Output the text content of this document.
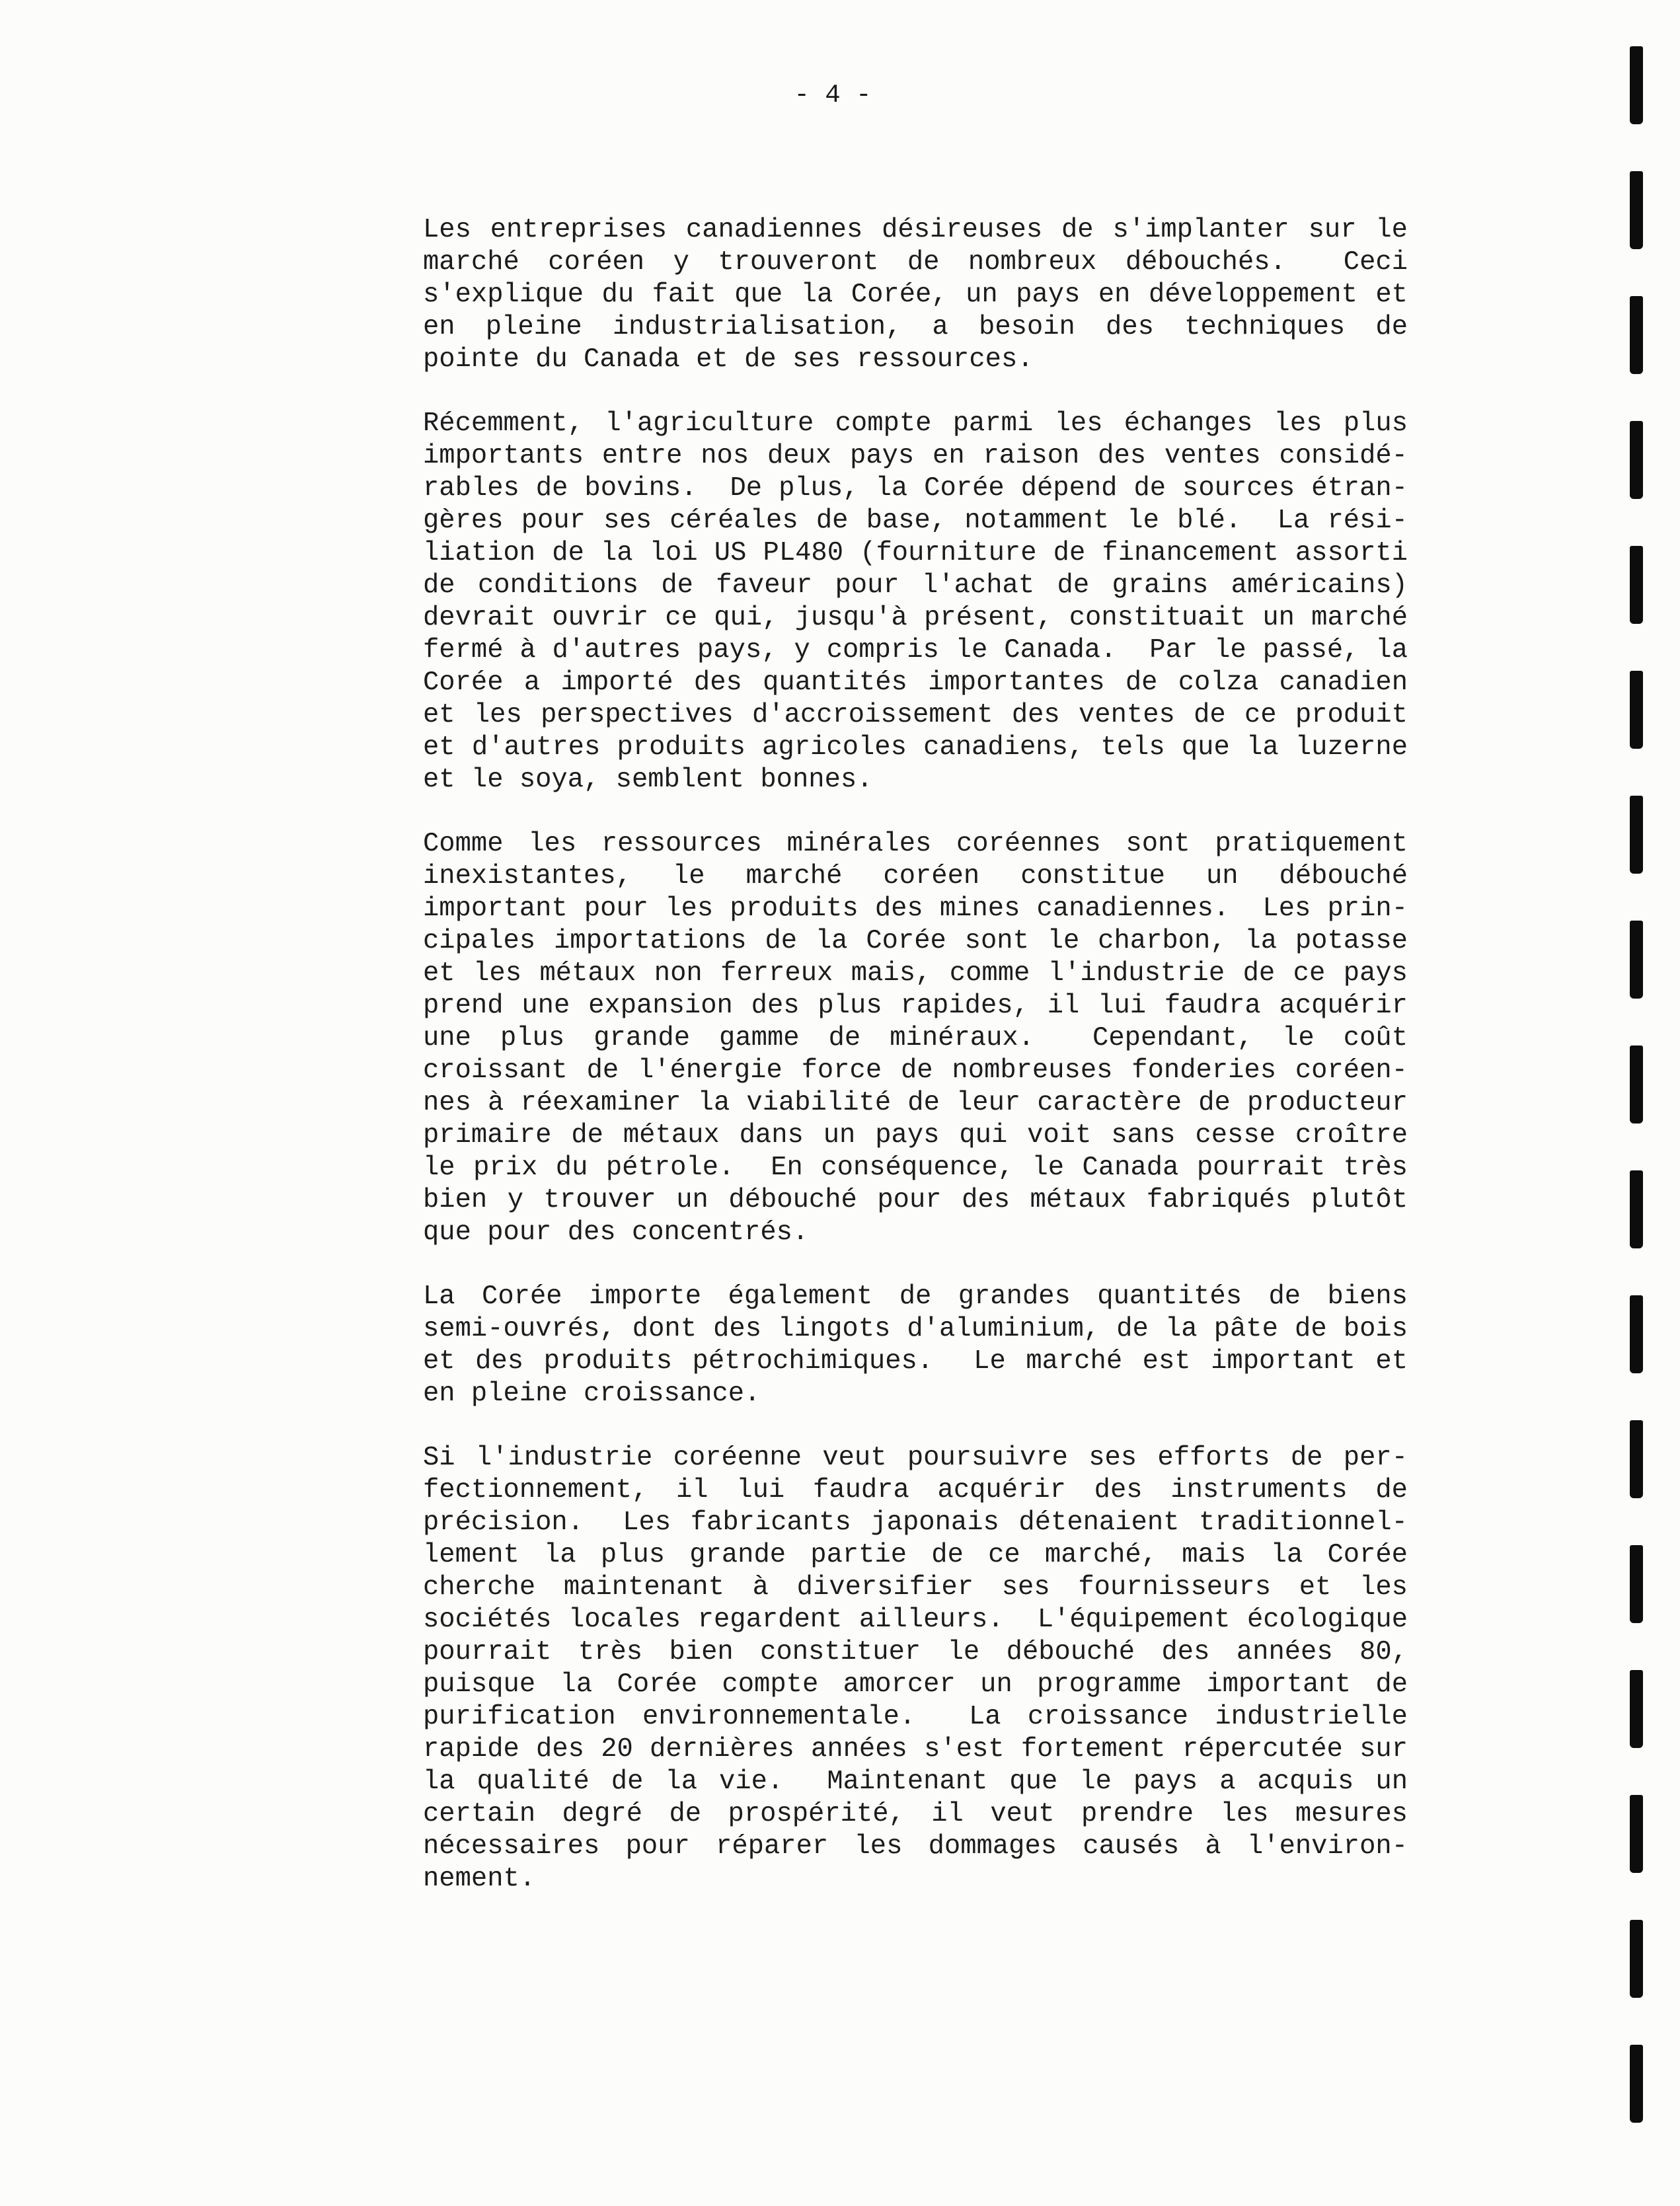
- 4 -
Les entreprises canadiennes désireuses de s'implanter sur le
marché coréen y trouveront de nombreux débouchés.  Ceci
s'explique du fait que la Corée, un pays en développement et
en pleine industrialisation, a besoin des techniques de
pointe du Canada et de ses ressources.
Récemment, l'agriculture compte parmi les échanges les plus
importants entre nos deux pays en raison des ventes considé-
rables de bovins.  De plus, la Corée dépend de sources étran-
gères pour ses céréales de base, notamment le blé.  La rési-
liation de la loi US PL480 (fourniture de financement assorti
de conditions de faveur pour l'achat de grains américains)
devrait ouvrir ce qui, jusqu'à présent, constituait un marché
fermé à d'autres pays, y compris le Canada.  Par le passé, la
Corée a importé des quantités importantes de colza canadien
et les perspectives d'accroissement des ventes de ce produit
et d'autres produits agricoles canadiens, tels que la luzerne
et le soya, semblent bonnes.
Comme les ressources minérales coréennes sont pratiquement
inexistantes, le marché coréen constitue un débouché
important pour les produits des mines canadiennes.  Les prin-
cipales importations de la Corée sont le charbon, la potasse
et les métaux non ferreux mais, comme l'industrie de ce pays
prend une expansion des plus rapides, il lui faudra acquérir
une plus grande gamme de minéraux.  Cependant, le coût
croissant de l'énergie force de nombreuses fonderies coréen-
nes à réexaminer la viabilité de leur caractère de producteur
primaire de métaux dans un pays qui voit sans cesse croître
le prix du pétrole.  En conséquence, le Canada pourrait très
bien y trouver un débouché pour des métaux fabriqués plutôt
que pour des concentrés.
La Corée importe également de grandes quantités de biens
semi-ouvrés, dont des lingots d'aluminium, de la pâte de bois
et des produits pétrochimiques.  Le marché est important et
en pleine croissance.
Si l'industrie coréenne veut poursuivre ses efforts de per-
fectionnement, il lui faudra acquérir des instruments de
précision.  Les fabricants japonais détenaient traditionnel-
lement la plus grande partie de ce marché, mais la Corée
cherche maintenant à diversifier ses fournisseurs et les
sociétés locales regardent ailleurs.  L'équipement écologique
pourrait très bien constituer le débouché des années 80,
puisque la Corée compte amorcer un programme important de
purification environnementale.  La croissance industrielle
rapide des 20 dernières années s'est fortement répercutée sur
la qualité de la vie.  Maintenant que le pays a acquis un
certain degré de prospérité, il veut prendre les mesures
nécessaires pour réparer les dommages causés à l'environ-
nement.
